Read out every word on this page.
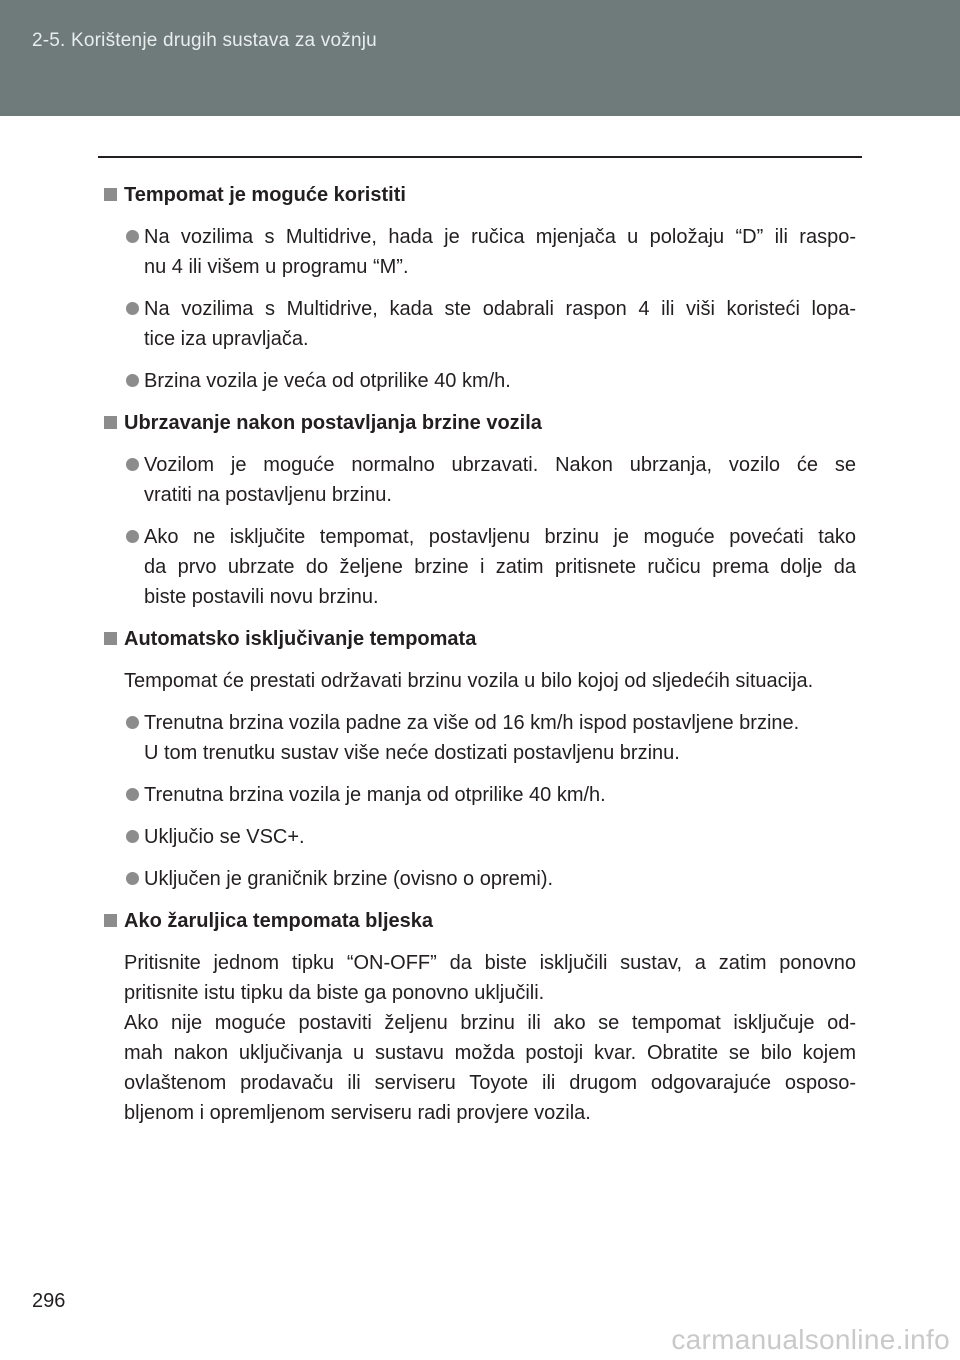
2-5. Korištenje drugih sustava za vožnju
Tempomat je moguće koristiti
Na vozilima s Multidrive, hada je ručica mjenjača u položaju “D” ili raspo-
nu 4 ili višem u programu “M”.
Na vozilima s Multidrive, kada ste odabrali raspon 4 ili viši koristeći lopa-
tice iza upravljača.
Brzina vozila je veća od otprilike 40 km/h.
Ubrzavanje nakon postavljanja brzine vozila
Vozilom je moguće normalno ubrzavati. Nakon ubrzanja, vozilo će se
vratiti na postavljenu brzinu.
Ako ne isključite tempomat, postavljenu brzinu je moguće povećati tako
da prvo ubrzate do željene brzine i zatim pritisnete ručicu prema dolje da
biste postavili novu brzinu.
Automatsko isključivanje tempomata
Tempomat će prestati održavati brzinu vozila u bilo kojoj od sljedećih situacija.
Trenutna brzina vozila padne za više od 16 km/h ispod postavljene brzine.
U tom trenutku sustav više neće dostizati postavljenu brzinu.
Trenutna brzina vozila je manja od otprilike 40 km/h.
Uključio se VSC+.
Uključen je graničnik brzine (ovisno o opremi).
Ako žaruljica tempomata bljeska
Pritisnite jednom tipku “ON-OFF” da biste isključili sustav, a zatim ponovno
pritisnite istu tipku da biste ga ponovno uključili.
Ako nije moguće postaviti željenu brzinu ili ako se tempomat isključuje od-
mah nakon uključivanja u sustavu možda postoji kvar. Obratite se bilo kojem
ovlaštenom prodavaču ili serviseru Toyote ili drugom odgovarajuće osposo-
bljenom i opremljenom serviseru radi provjere vozila.
296
carmanualsonline.info
